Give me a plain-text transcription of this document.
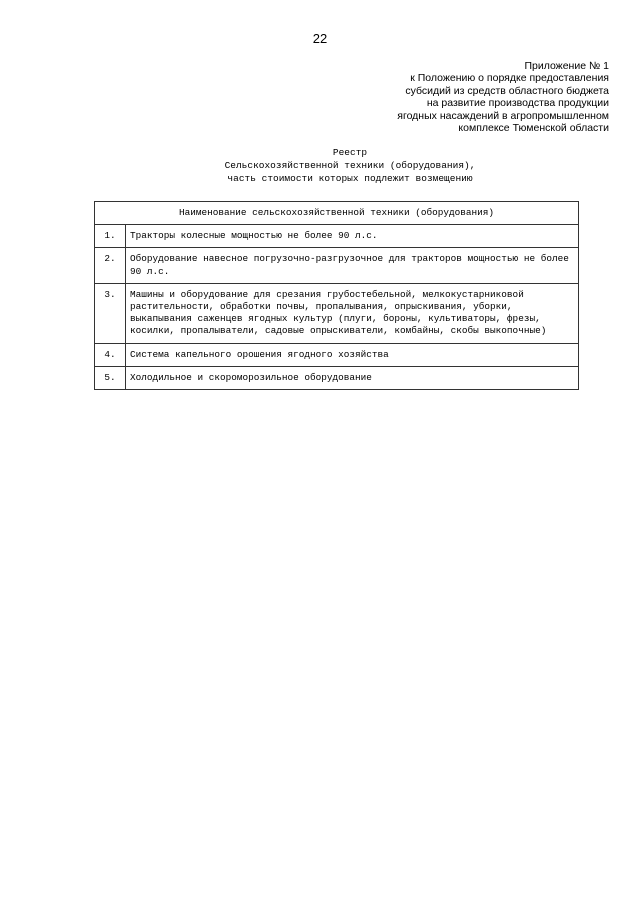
22
Приложение № 1
к Положению о порядке предоставления
субсидий из средств областного бюджета
на развитие производства продукции
ягодных насаждений в агропромышленном
комплексе Тюменской области
Реестр
Сельскохозяйственной техники (оборудования),
часть стоимости которых подлежит возмещению
Наименование сельскохозяйственной техники (оборудования)	
1.	Тракторы колесные мощностью не более 90 л.с.
2.	Оборудование навесное погрузочно-разгрузочное для тракторов мощностью не более 90 л.с.
3.	Машины и оборудование для срезания грубостебельной, мелкокустарниковой растительности, обработки почвы, пропалывания, опрыскивания, уборки, выкапывания саженцев ягодных культур (плуги, бороны, культиваторы, фрезы, косилки, пропалыватели, садовые опрыскиватели, комбайны, скобы выкопочные)
4.	Система капельного орошения ягодного хозяйства
5.	Холодильное и скороморозильное оборудование
